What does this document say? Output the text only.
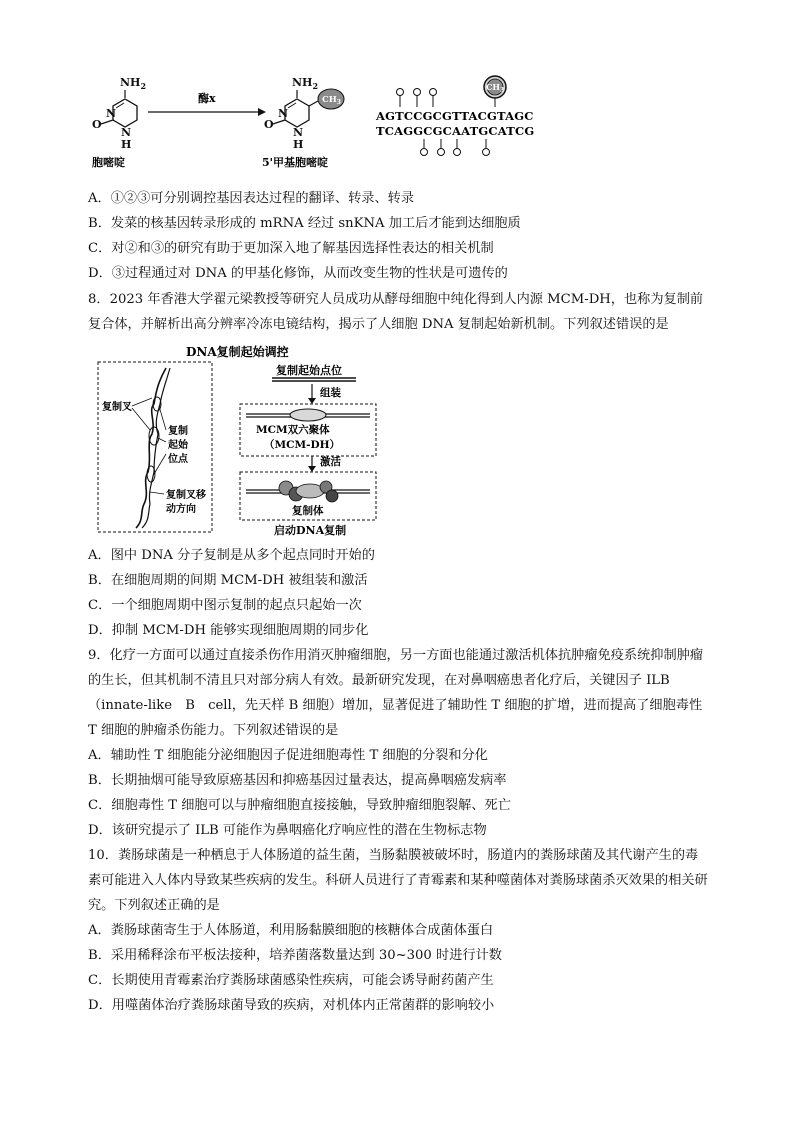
$NH_2$
N
O
N
H
胞嘧啶
酶x
$NH_2$
N
O
N
H
$CH_3$
5'甲基胞嘧啶
$CH_3$
AGTCCGCGTTACGTAGC
TCAGGCGCAATGCATCG
A．①②③可分别调控基因表达过程的翻译、转录、转录
B．发菜的核基因转录形成的 mRNA 经过 snKNA 加工后才能到达细胞质
C．对②和③的研究有助于更加深入地了解基因选择性表达的相关机制
D．③过程通过对 DNA 的甲基化修饰，从而改变生物的性状是可遗传的
8．2023 年香港大学翟元梁教授等研究人员成功从酵母细胞中纯化得到人内源 MCM-DH，也称为复制前复合体，并解析出高分辨率冷冻电镜结构，揭示了人细胞 DNA 复制起始新机制。下列叙述错误的是
DNA复制起始调控
复制叉
复制
起始
位点
复制叉移
动方向
复制起始点位
组装
MCM双六聚体
（MCM-DH）
激活
复制体
启动DNA复制
A．图中 DNA 分子复制是从多个起点同时开始的
B．在细胞周期的间期 MCM-DH 被组装和激活
C．一个细胞周期中图示复制的起点只起始一次
D．抑制 MCM-DH 能够实现细胞周期的同步化
9．化疗一方面可以通过直接杀伤作用消灭肿瘤细胞，另一方面也能通过激活机体抗肿瘤免疫系统抑制肿瘤的生长，但其机制不清且只对部分病人有效。最新研究发现，在对鼻咽癌患者化疗后，关键因子 ILB（innate-like　B　cell，先天样 B 细胞）增加，显著促进了辅助性 T 细胞的扩增，进而提高了细胞毒性 T 细胞的肿瘤杀伤能力。下列叙述错误的是
A．辅助性 T 细胞能分泌细胞因子促进细胞毒性 T 细胞的分裂和分化
B．长期抽烟可能导致原癌基因和抑癌基因过量表达，提高鼻咽癌发病率
C．细胞毒性 T 细胞可以与肿瘤细胞直接接触，导致肿瘤细胞裂解、死亡
D．该研究提示了 ILB 可能作为鼻咽癌化疗响应性的潜在生物标志物
10．粪肠球菌是一种栖息于人体肠道的益生菌，当肠黏膜被破坏时，肠道内的粪肠球菌及其代谢产生的毒素可能进入人体内导致某些疾病的发生。科研人员进行了青霉素和某种噬菌体对粪肠球菌杀灭效果的相关研究。下列叙述正确的是
A．粪肠球菌寄生于人体肠道，利用肠黏膜细胞的核糖体合成菌体蛋白
B．采用稀释涂布平板法接种，培养菌落数量达到 30~300 时进行计数
C．长期使用青霉素治疗粪肠球菌感染性疾病，可能会诱导耐药菌产生
D．用噬菌体治疗粪肠球菌导致的疾病，对机体内正常菌群的影响较小
